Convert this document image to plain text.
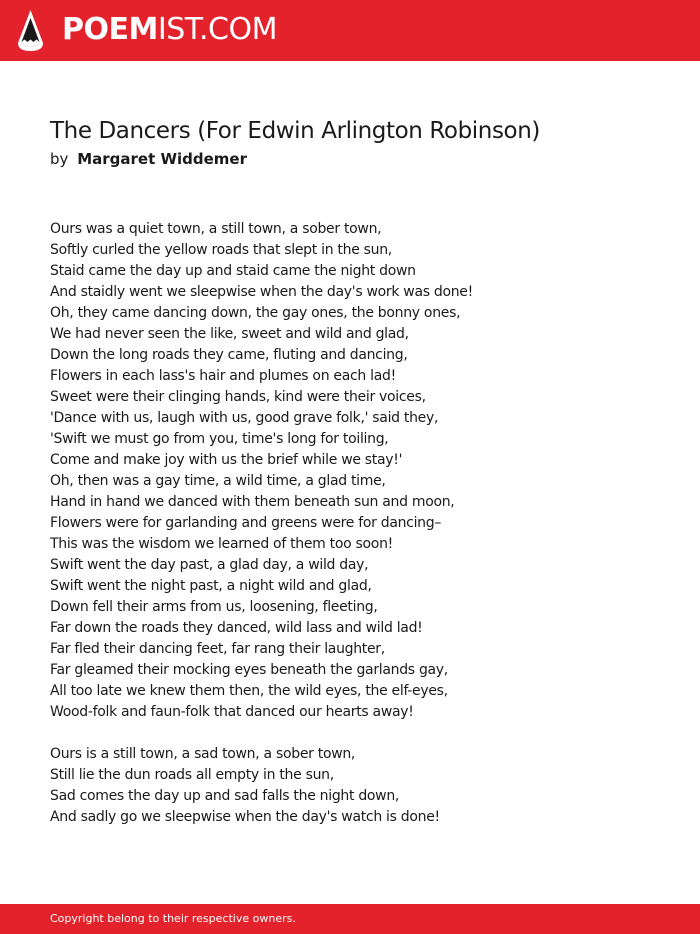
POEMIST.COM
The Dancers (For Edwin Arlington Robinson)
by Margaret Widdemer
Ours was a quiet town, a still town, a sober town,
Softly curled the yellow roads that slept in the sun,
Staid came the day up and staid came the night down
And staidly went we sleepwise when the day's work was done!
Oh, they came dancing down, the gay ones, the bonny ones,
We had never seen the like, sweet and wild and glad,
Down the long roads they came, fluting and dancing,
Flowers in each lass's hair and plumes on each lad!
Sweet were their clinging hands, kind were their voices,
'Dance with us, laugh with us, good grave folk,' said they,
'Swift we must go from you, time's long for toiling,
Come and make joy with us the brief while we stay!'
Oh, then was a gay time, a wild time, a glad time,
Hand in hand we danced with them beneath sun and moon,
Flowers were for garlanding and greens were for dancing–
This was the wisdom we learned of them too soon!
Swift went the day past, a glad day, a wild day,
Swift went the night past, a night wild and glad,
Down fell their arms from us, loosening, fleeting,
Far down the roads they danced, wild lass and wild lad!
Far fled their dancing feet, far rang their laughter,
Far gleamed their mocking eyes beneath the garlands gay,
All too late we knew them then, the wild eyes, the elf-eyes,
Wood-folk and faun-folk that danced our hearts away!
Ours is a still town, a sad town, a sober town,
Still lie the dun roads all empty in the sun,
Sad comes the day up and sad falls the night down,
And sadly go we sleepwise when the day's watch is done!
Copyright belong to their respective owners.
